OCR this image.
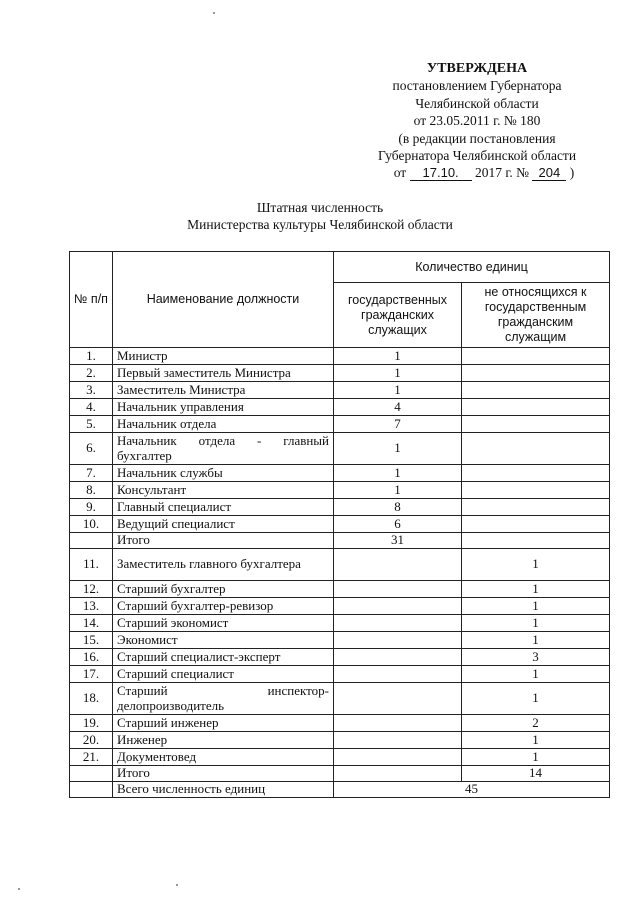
УТВЕРЖДЕНА
постановлением Губернатора
Челябинской области
от 23.05.2011 г. № 180
(в редакции постановления
Губернатора Челябинской области
от 17.10. 2017 г. № 204 )
Штатная численность
Министерства культуры Челябинской области
№ п/п	Наименование должности	Количество единиц	
		государственных гражданских служащих	не относящихся к государственным гражданским служащим
1.	Министр	1	
2.	Первый заместитель Министра	1	
3.	Заместитель Министра	1	
4.	Начальник управления	4	
5.	Начальник отдела	7	
6.	Начальник отдела - главный бухгалтер	1	
7.	Начальник службы	1	
8.	Консультант	1	
9.	Главный специалист	8	
10.	Ведущий специалист	6	
	Итого	31	
11.	Заместитель главного бухгалтера		1
12.	Старший бухгалтер		1
13.	Старший бухгалтер-ревизор		1
14.	Старший экономист		1
15.	Экономист		1
16.	Старший специалист-эксперт		3
17.	Старший специалист		1
18.	Старший инспектор-делопроизводитель		1
19.	Старший инженер		2
20.	Инженер		1
21.	Документовед		1
	Итого		14
	Всего численность единиц	45	
